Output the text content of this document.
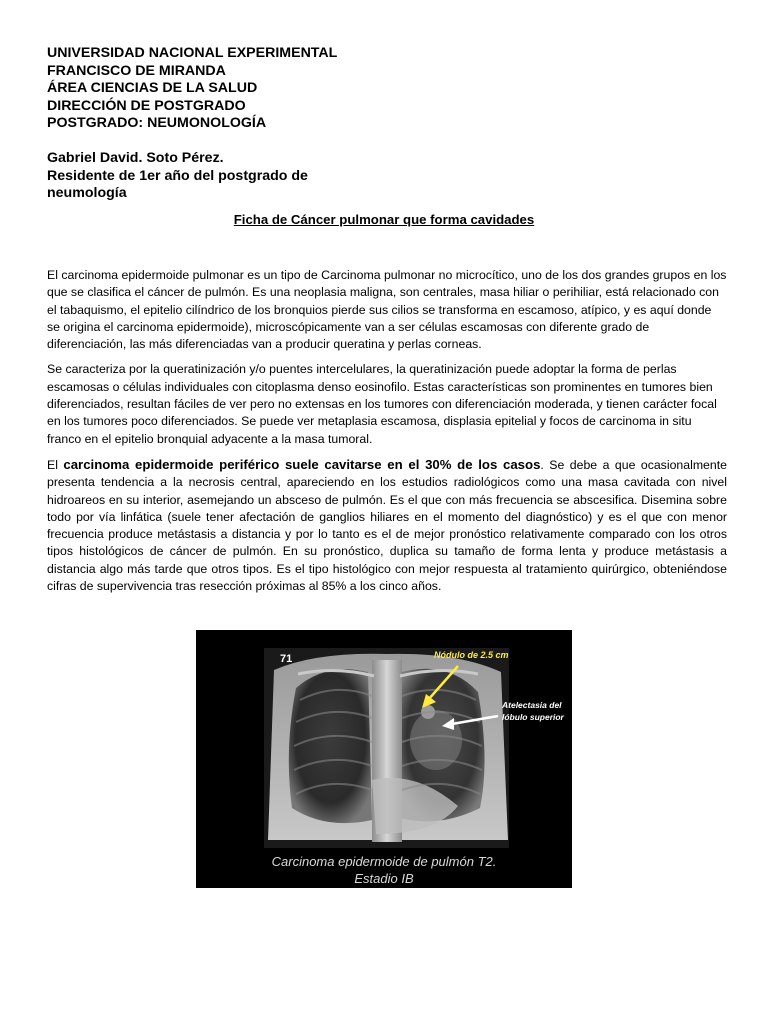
UNIVERSIDAD NACIONAL EXPERIMENTAL
FRANCISCO DE MIRANDA
ÁREA CIENCIAS DE LA SALUD
DIRECCIÓN DE POSTGRADO
POSTGRADO: NEUMONOLOGÍA
Gabriel David. Soto Pérez.
Residente de 1er año del postgrado de
neumología
Ficha de Cáncer pulmonar que forma cavidades

El carcinoma epidermoide pulmonar es un tipo de Carcinoma pulmonar no microcítico, uno de los dos grandes grupos en los que se clasifica el cáncer de pulmón. Es una neoplasia maligna, son centrales, masa hiliar o perihiliar, está relacionado con el tabaquismo, el epitelio cilíndrico de los bronquios pierde sus cilios se transforma en escamoso, atípico, y es aquí donde se origina el carcinoma epidermoide), microscópicamente van a ser células escamosas con diferente grado de diferenciación, las más diferenciadas van a producir queratina y perlas corneas.

Se caracteriza por la queratinización y/o puentes intercelulares, la queratinización puede adoptar la forma de perlas escamosas o células individuales con citoplasma denso eosinofilo. Estas características son prominentes en tumores bien diferenciados, resultan fáciles de ver pero no extensas en los tumores con diferenciación moderada, y tienen carácter focal en los tumores poco diferenciados. Se puede ver metaplasia escamosa, displasia epitelial y focos de carcinoma in situ franco en el epitelio bronquial adyacente a la masa tumoral.

El carcinoma epidermoide periférico suele cavitarse en el 30% de los casos. Se debe a que ocasionalmente presenta tendencia a la necrosis central, apareciendo en los estudios radiológicos como una masa cavitada con nivel hidroareos en su interior, asemejando un absceso de pulmón. Es el que con más frecuencia se abscesifica. Disemina sobre todo por vía linfática (suele tener afectación de ganglios hiliares en el momento del diagnóstico) y es el que con menor frecuencia produce metástasis a distancia y por lo tanto es el de mejor pronóstico relativamente comparado con los otros tipos histológicos de cáncer de pulmón. En su pronóstico, duplica su tamaño de forma lenta y produce metástasis a distancia algo más tarde que otros tipos. Es el tipo histológico con mejor respuesta al tratamiento quirúrgico, obteniéndose cifras de supervivencia tras resección próximas al 85% a los cinco años.

71	Nódulo de 2.5 cm
Atelectasia del
lóbulo superior
Carcinoma epidermoide de pulmón T2.
Estadio IB
